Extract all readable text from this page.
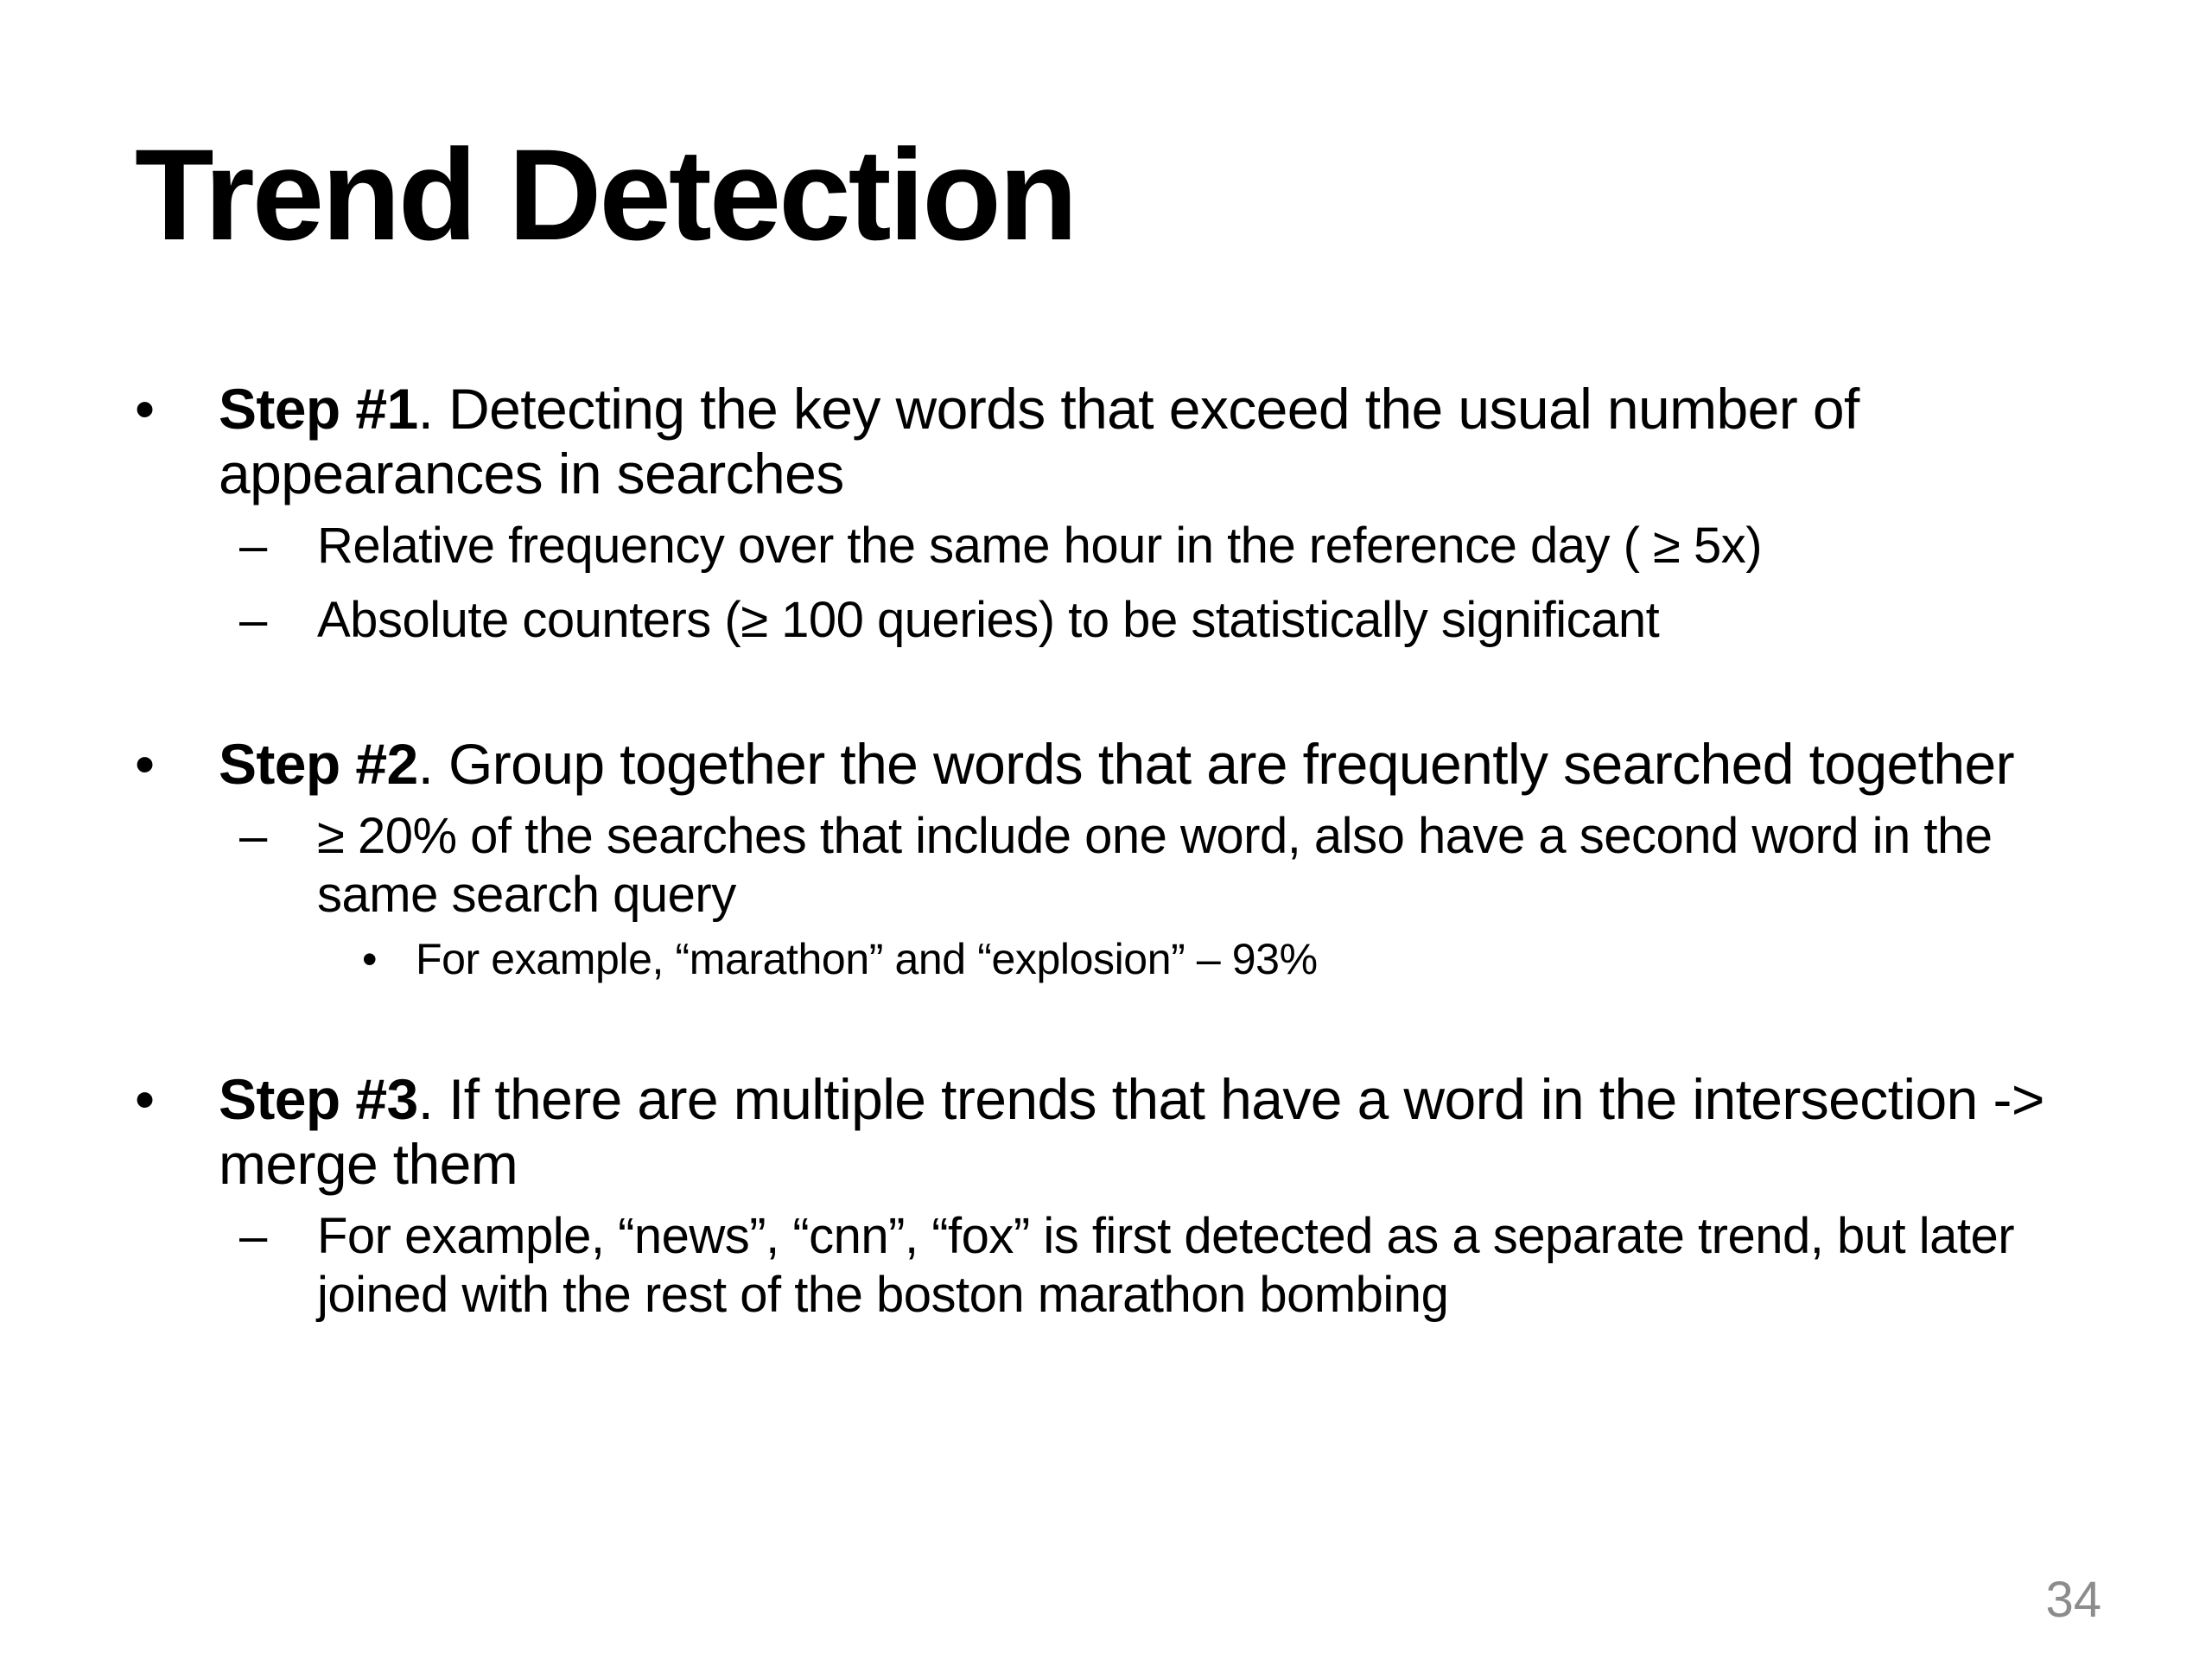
Trend Detection
• Step #1. Detecting the key words that exceed the usual number of appearances in searches
– Relative frequency over the same hour in the reference day ( ≥ 5x)
– Absolute counters (≥ 100 queries) to be statistically significant
• Step #2. Group together the words that are frequently searched together
– ≥ 20% of the searches that include one word, also have a second word in the same search query
• For example, “marathon” and “explosion” – 93%
• Step #3. If there are multiple trends that have a word in the intersection -> merge them
– For example, “news”, “cnn”, “fox” is first detected as a separate trend, but later joined with the rest of the boston marathon bombing
34
